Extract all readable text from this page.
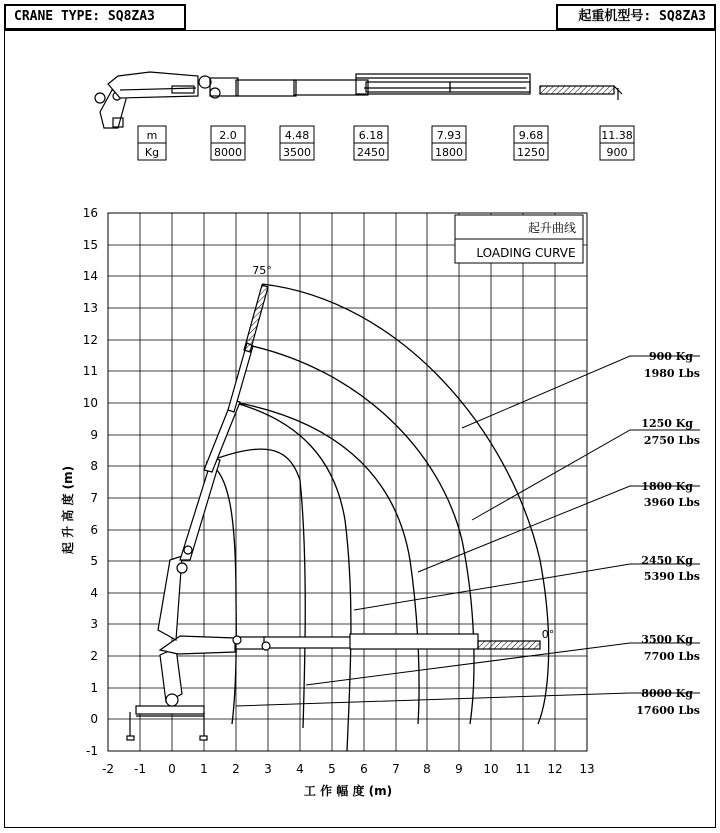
CRANE TYPE: SQ8ZA3	起重机型号: SQ8ZA3
m
Kg
2.0
8000
4.48
3500
6.18
2450
7.93
1800
9.68
1250
11.38
900
起升曲线
LOADING CURVE
-2 -1 0 1 2 3 4 5 6 7 8 9 10 11 12 13
-1
0
1
2
3
4
5
6
7
8
9
10
11
12
13
14
15
16
起 升 高 度 (m)
工 作 幅 度 (m)
75°
0°
900 Kg
1980 Lbs
1250 Kg
2750 Lbs
1800 Kg
3960 Lbs
2450 Kg
5390 Lbs
3500 Kg
7700 Lbs
8000 Kg
17600 Lbs
